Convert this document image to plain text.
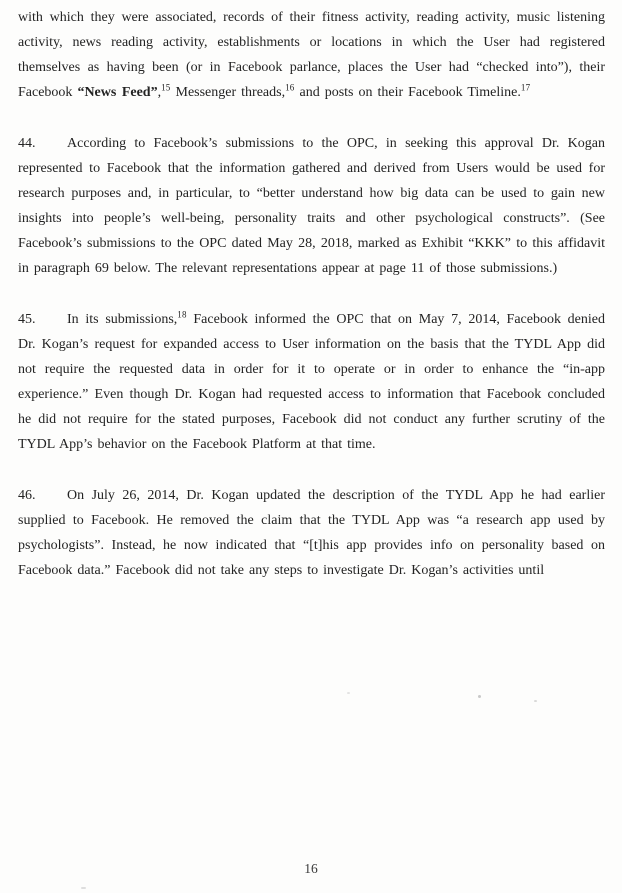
with which they were associated, records of their fitness activity, reading activity, music listening activity, news reading activity, establishments or locations in which the User had registered themselves as having been (or in Facebook parlance, places the User had “checked into”), their Facebook “News Feed”,$^{15}$ Messenger threads,$^{16}$ and posts on their Facebook Timeline.$^{17}$

44. According to Facebook’s submissions to the OPC, in seeking this approval Dr. Kogan represented to Facebook that the information gathered and derived from Users would be used for research purposes and, in particular, to “better understand how big data can be used to gain new insights into people’s well-being, personality traits and other psychological constructs”. (See Facebook’s submissions to the OPC dated May 28, 2018, marked as Exhibit “KKK” to this affidavit in paragraph 69 below. The relevant representations appear at page 11 of those submissions.)

45. In its submissions,$^{18}$ Facebook informed the OPC that on May 7, 2014, Facebook denied Dr. Kogan’s request for expanded access to User information on the basis that the TYDL App did not require the requested data in order for it to operate or in order to enhance the “in-app experience.” Even though Dr. Kogan had requested access to information that Facebook concluded he did not require for the stated purposes, Facebook did not conduct any further scrutiny of the TYDL App’s behavior on the Facebook Platform at that time.

46. On July 26, 2014, Dr. Kogan updated the description of the TYDL App he had earlier supplied to Facebook. He removed the claim that the TYDL App was “a research app used by psychologists”. Instead, he now indicated that “[t]his app provides info on personality based on Facebook data.” Facebook did not take any steps to investigate Dr. Kogan’s activities until

16
